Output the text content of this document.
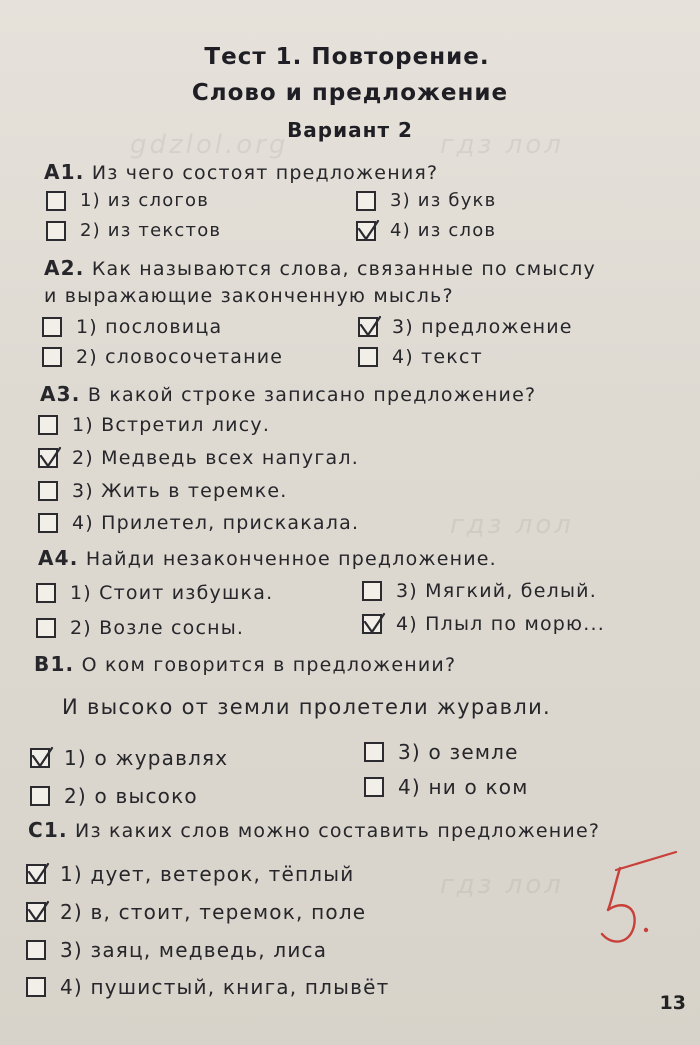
gdzlol.org	гдз лол
гдз лол
гдз лол
Тест 1. Повторение.
Слово и предложение
Вариант 2
А1. Из чего состоят предложения?
1) из слогов
2) из текстов
3) из букв
4) из слов
А2. Как называются слова, связанные по смыслу
и выражающие законченную мысль?
1) пословица
2) словосочетание
3) предложение
4) текст
А3. В какой строке записано предложение?
1) Встретил лису.
2) Медведь всех напугал.
3) Жить в теремке.
4) Прилетел, прискакала.
А4. Найди незаконченное предложение.
1) Стоит избушка.
2) Возле сосны.
3) Мягкий, белый.
4) Плыл по морю...
В1. О ком говорится в предложении?
И высоко от земли пролетели журавли.
1) о журавлях
2) о высоко
3) о земле
4) ни о ком
С1. Из каких слов можно составить предложение?
1) дует, ветерок, тёплый
2) в, стоит, теремок, поле
3) заяц, медведь, лиса
4) пушистый, книга, плывёт
13
